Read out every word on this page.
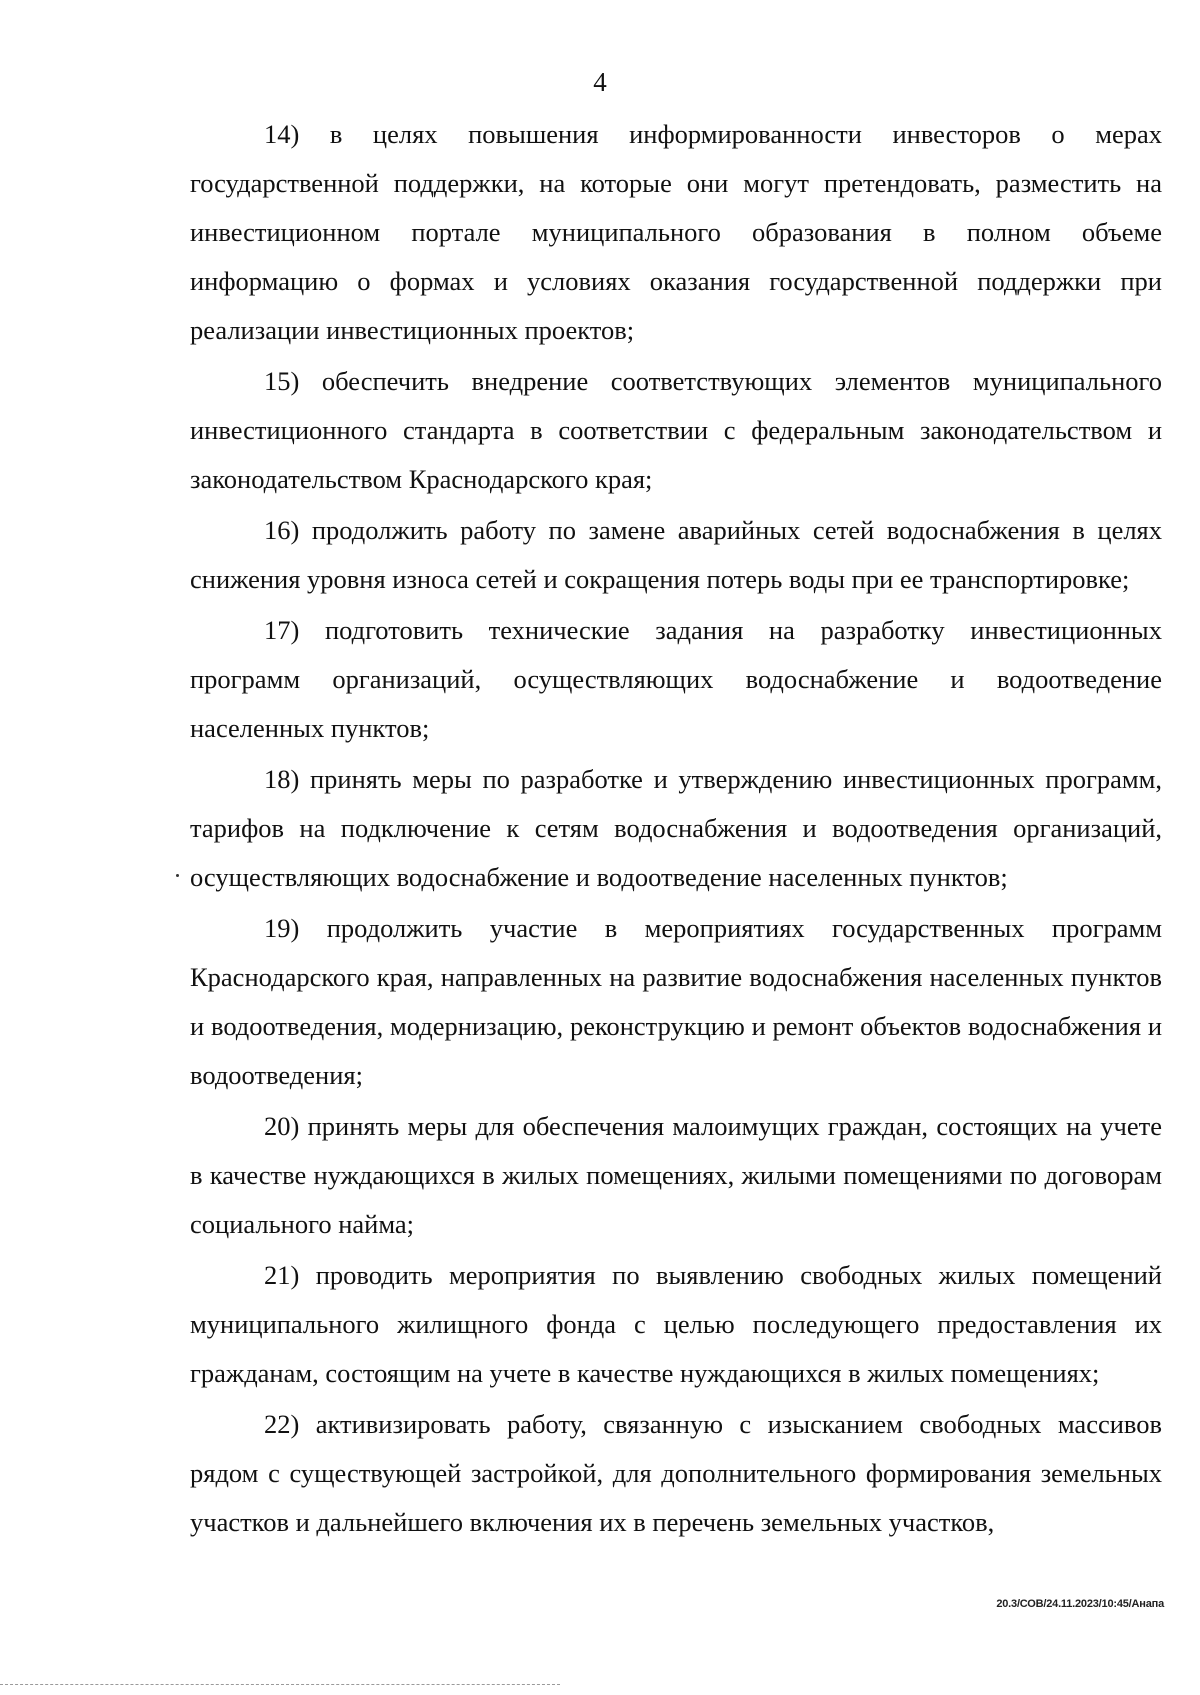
4

14) в целях повышения информированности инвесторов о мерах государственной поддержки, на которые они могут претендовать, разместить на инвестиционном портале муниципального образования в полном объеме информацию о формах и условиях оказания государственной поддержки при реализации инвестиционных проектов;

15) обеспечить внедрение соответствующих элементов муниципального инвестиционного стандарта в соответствии с федеральным законодательством и законодательством Краснодарского края;

16) продолжить работу по замене аварийных сетей водоснабжения в целях снижения уровня износа сетей и сокращения потерь воды при ее транспортировке;

17) подготовить технические задания на разработку инвестиционных программ организаций, осуществляющих водоснабжение и водоотведение населенных пунктов;

18) принять меры по разработке и утверждению инвестиционных программ, тарифов на подключение к сетям водоснабжения и водоотведения организаций, осуществляющих водоснабжение и водоотведение населенных пунктов;

19) продолжить участие в мероприятиях государственных программ Краснодарского края, направленных на развитие водоснабжения населенных пунктов и водоотведения, модернизацию, реконструкцию и ремонт объектов водоснабжения и водоотведения;

20) принять меры для обеспечения малоимущих граждан, состоящих на учете в качестве нуждающихся в жилых помещениях, жилыми помещениями по договорам социального найма;

21) проводить мероприятия по выявлению свободных жилых помещений муниципального жилищного фонда с целью последующего предоставления их гражданам, состоящим на учете в качестве нуждающихся в жилых помещениях;

22) активизировать работу, связанную с изысканием свободных массивов рядом с существующей застройкой, для дополнительного формирования земельных участков и дальнейшего включения их в перечень земельных участков,

20.3/СОВ/24.11.2023/10:45/Анапа
